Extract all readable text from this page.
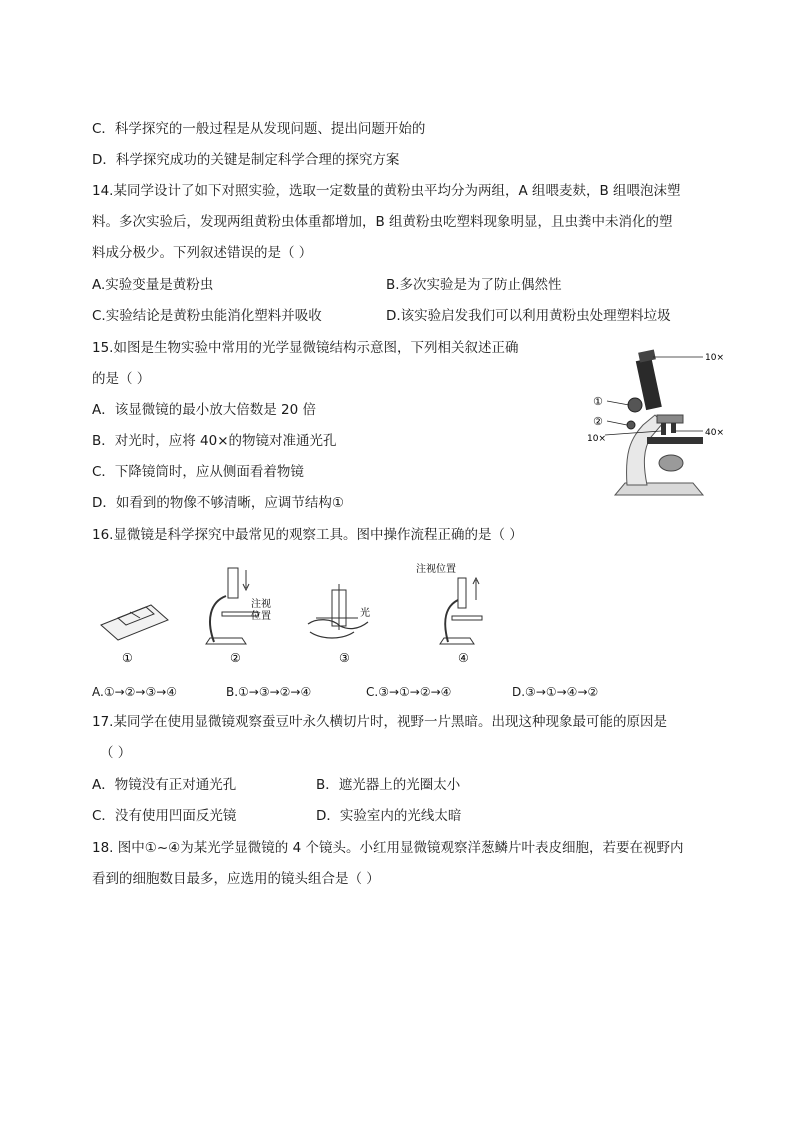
C．科学探究的一般过程是从发现问题、提出问题开始的
D．科学探究成功的关键是制定科学合理的探究方案
14.某同学设计了如下对照实验，选取一定数量的黄粉虫平均分为两组，A 组喂麦麸，B 组喂泡沫塑
料。多次实验后，发现两组黄粉虫体重都增加，B 组黄粉虫吃塑料现象明显，且虫粪中未消化的塑
料成分极少。下列叙述错误的是（ ）
A.实验变量是黄粉虫	B.多次实验是为了防止偶然性
C.实验结论是黄粉虫能消化塑料并吸收	D.该实验启发我们可以利用黄粉虫处理塑料垃圾
15.如图是生物实验中常用的光学显微镜结构示意图，下列相关叙述正确
的是（ ）
A．该显微镜的最小放大倍数是 20 倍
B．对光时，应将 40×的物镜对准通光孔
C．下降镜筒时，应从侧面看着物镜
D．如看到的物像不够清晰，应调节结构①
10×
40×
10×
①
②
16.显微镜是科学探究中最常见的观察工具。图中操作流程正确的是（ ）
①
注视
位置
②
光
③
注视位置
④
A.①→②→③→④	B.①→③→②→④	C.③→①→②→④	D.③→①→④→②
17.某同学在使用显微镜观察蚕豆叶永久横切片时，视野一片黑暗。出现这种现象最可能的原因是
（ ）
A．物镜没有正对通光孔	B．遮光器上的光圈太小
C．没有使用凹面反光镜	D．实验室内的光线太暗
18. 图中①~④为某光学显微镜的 4 个镜头。小红用显微镜观察洋葱鳞片叶表皮细胞，若要在视野内
看到的细胞数目最多，应选用的镜头组合是（ ）
